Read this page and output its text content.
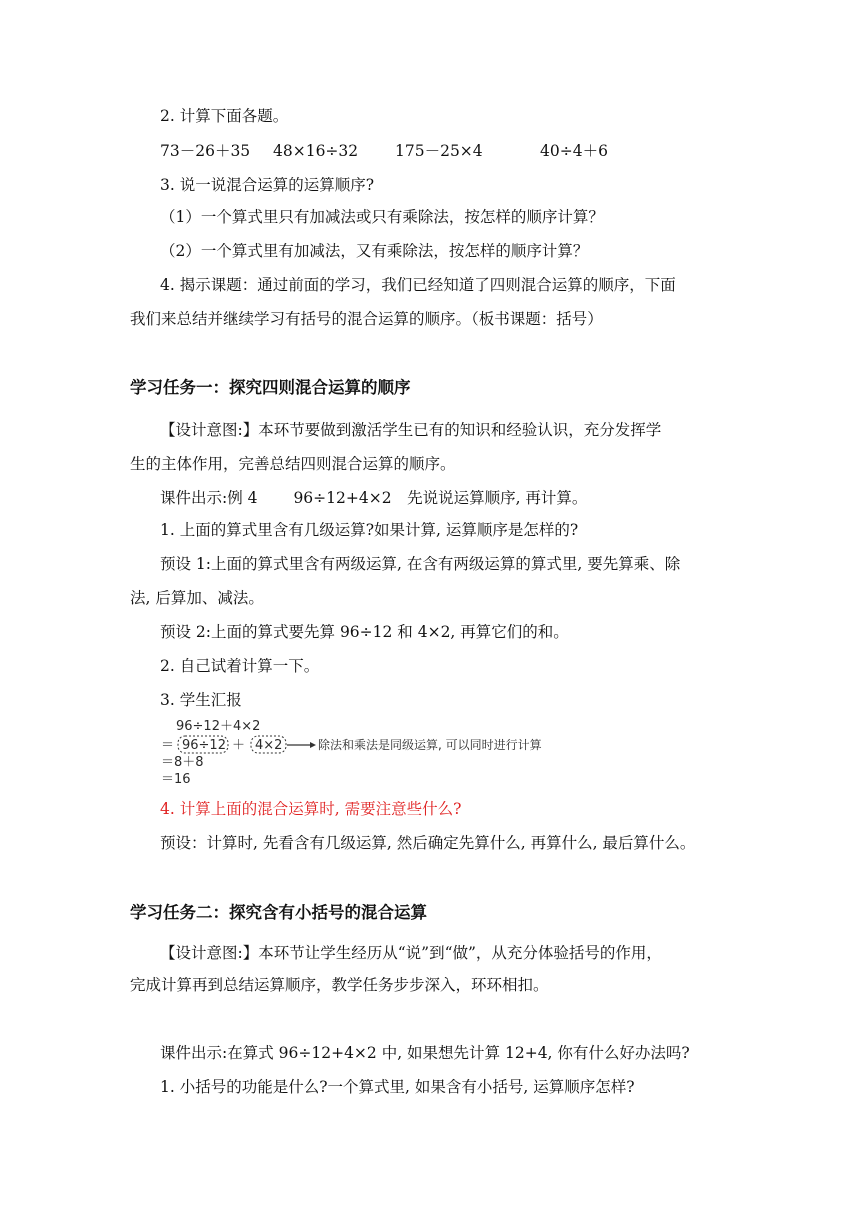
2. 计算下面各题。
73－26＋35 48×16÷32 175－25×4	40÷4＋6
3. 说一说混合运算的运算顺序?
（1）一个算式里只有加减法或只有乘除法，按怎样的顺序计算？
（2）一个算式里有加减法，又有乘除法，按怎样的顺序计算？
4. 揭示课题：通过前面的学习，我们已经知道了四则混合运算的顺序，下面
我们来总结并继续学习有括号的混合运算的顺序。（板书课题：括号）
学习任务一：探究四则混合运算的顺序
【设计意图:】本环节要做到激活学生已有的知识和经验认识，充分发挥学
生的主体作用，完善总结四则混合运算的顺序。
课件出示:例 4　　 96÷12+4×2　先说说运算顺序, 再计算。
1. 上面的算式里含有几级运算?如果计算, 运算顺序是怎样的?
预设 1:上面的算式里含有两级运算, 在含有两级运算的算式里, 要先算乘、除
法, 后算加、减法。
预设 2:上面的算式要先算 96÷12 和 4×2, 再算它们的和。
2. 自己试着计算一下。
3. 学生汇报
96÷12＋4×2
＝ 96÷12 ＋ 4×2	除法和乘法是同级运算, 可以同时进行计算
＝8＋8
＝16
4. 计算上面的混合运算时, 需要注意些什么?
预设：计算时, 先看含有几级运算, 然后确定先算什么, 再算什么, 最后算什么。
学习任务二：探究含有小括号的混合运算
【设计意图:】本环节让学生经历从“说”到“做”，从充分体验括号的作用，
完成计算再到总结运算顺序，教学任务步步深入，环环相扣。
课件出示:在算式 96÷12+4×2 中, 如果想先计算 12+4, 你有什么好办法吗?
1. 小括号的功能是什么?一个算式里, 如果含有小括号, 运算顺序怎样?
